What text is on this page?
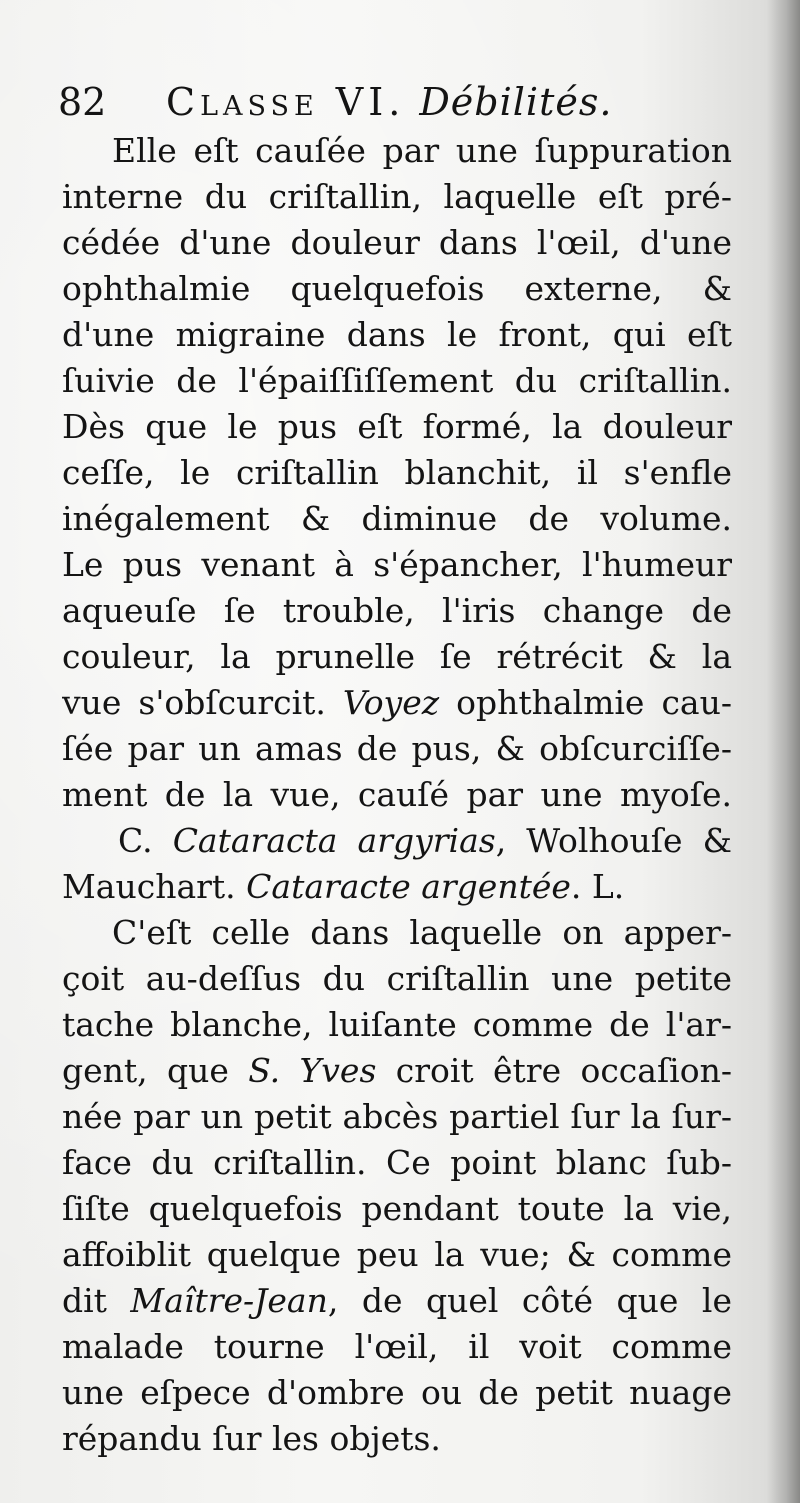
82	Classe VI. Débilités.
Elle eſt cauſée par une ſuppuration
interne du criſtallin, laquelle eſt pré-
cédée d'une douleur dans l'œil, d'une
ophthalmie quelquefois externe, &
d'une migraine dans le front, qui eſt
ſuivie de l'épaiſſiſſement du criſtallin.
Dès que le pus eſt formé, la douleur
ceſſe, le criſtallin blanchit, il s'enfle
inégalement & diminue de volume.
Le pus venant à s'épancher, l'humeur
aqueuſe ſe trouble, l'iris change de
couleur, la prunelle ſe rétrécit & la
vue s'obſcurcit. Voyez ophthalmie cau-
ſée par un amas de pus, & obſcurciſſe-
ment de la vue, cauſé par une myoſe.
C. Cataracta argyrias, Wolhouſe &
Mauchart. Cataracte argentée. L.
C'eſt celle dans laquelle on apper-
çoit au-deſſus du criſtallin une petite
tache blanche, luiſante comme de l'ar-
gent, que S. Yves croit être occaſion-
née par un petit abcès partiel ſur la ſur-
face du criſtallin. Ce point blanc ſub-
ſiſte quelquefois pendant toute la vie,
affoiblit quelque peu la vue; & comme
dit Maître-Jean, de quel côté que le
malade tourne l'œil, il voit comme
une eſpece d'ombre ou de petit nuage
répandu ſur les objets.
